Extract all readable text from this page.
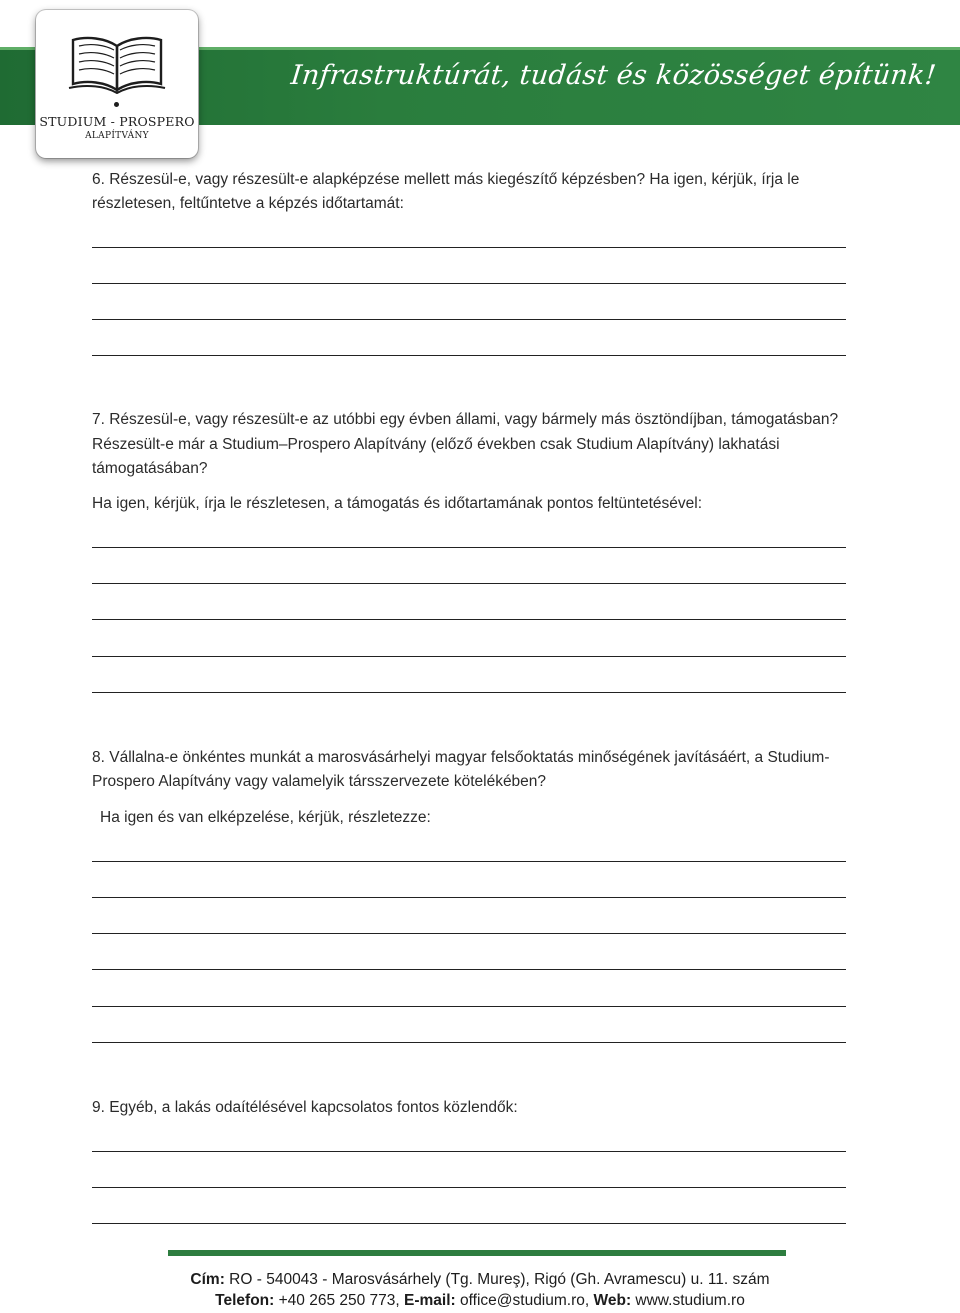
Infrastruktúrát, tudást és közösséget építünk!
STUDIUM - PROSPERO
ALAPÍTVÁNY
6. Részesül-e, vagy részesült-e alapképzése mellett más kiegészítő képzésben? Ha igen, kérjük, írja le
részletesen, feltűntetve a képzés időtartamát:
7. Részesül-e, vagy részesült-e az utóbbi egy évben állami, vagy bármely más ösztöndíjban, támogatásban?
Részesült-e már a Studium–Prospero Alapítvány (előző években csak Studium Alapítvány) lakhatási
támogatásában?
Ha igen, kérjük, írja le részletesen, a támogatás és időtartamának pontos feltüntetésével:
8. Vállalna-e önkéntes munkát a marosvásárhelyi magyar felsőoktatás minőségének javításáért, a Studium-
Prospero Alapítvány vagy valamelyik társszervezete kötelékében?
Ha igen és van elképzelése, kérjük, részletezze:
9. Egyéb, a lakás odaítélésével kapcsolatos fontos közlendők:
Cím: RO - 540043 - Marosvásárhely (Tg. Mureş), Rigó (Gh. Avramescu) u. 11. szám
Telefon: +40 265 250 773, E-mail: office@studium.ro, Web: www.studium.ro
